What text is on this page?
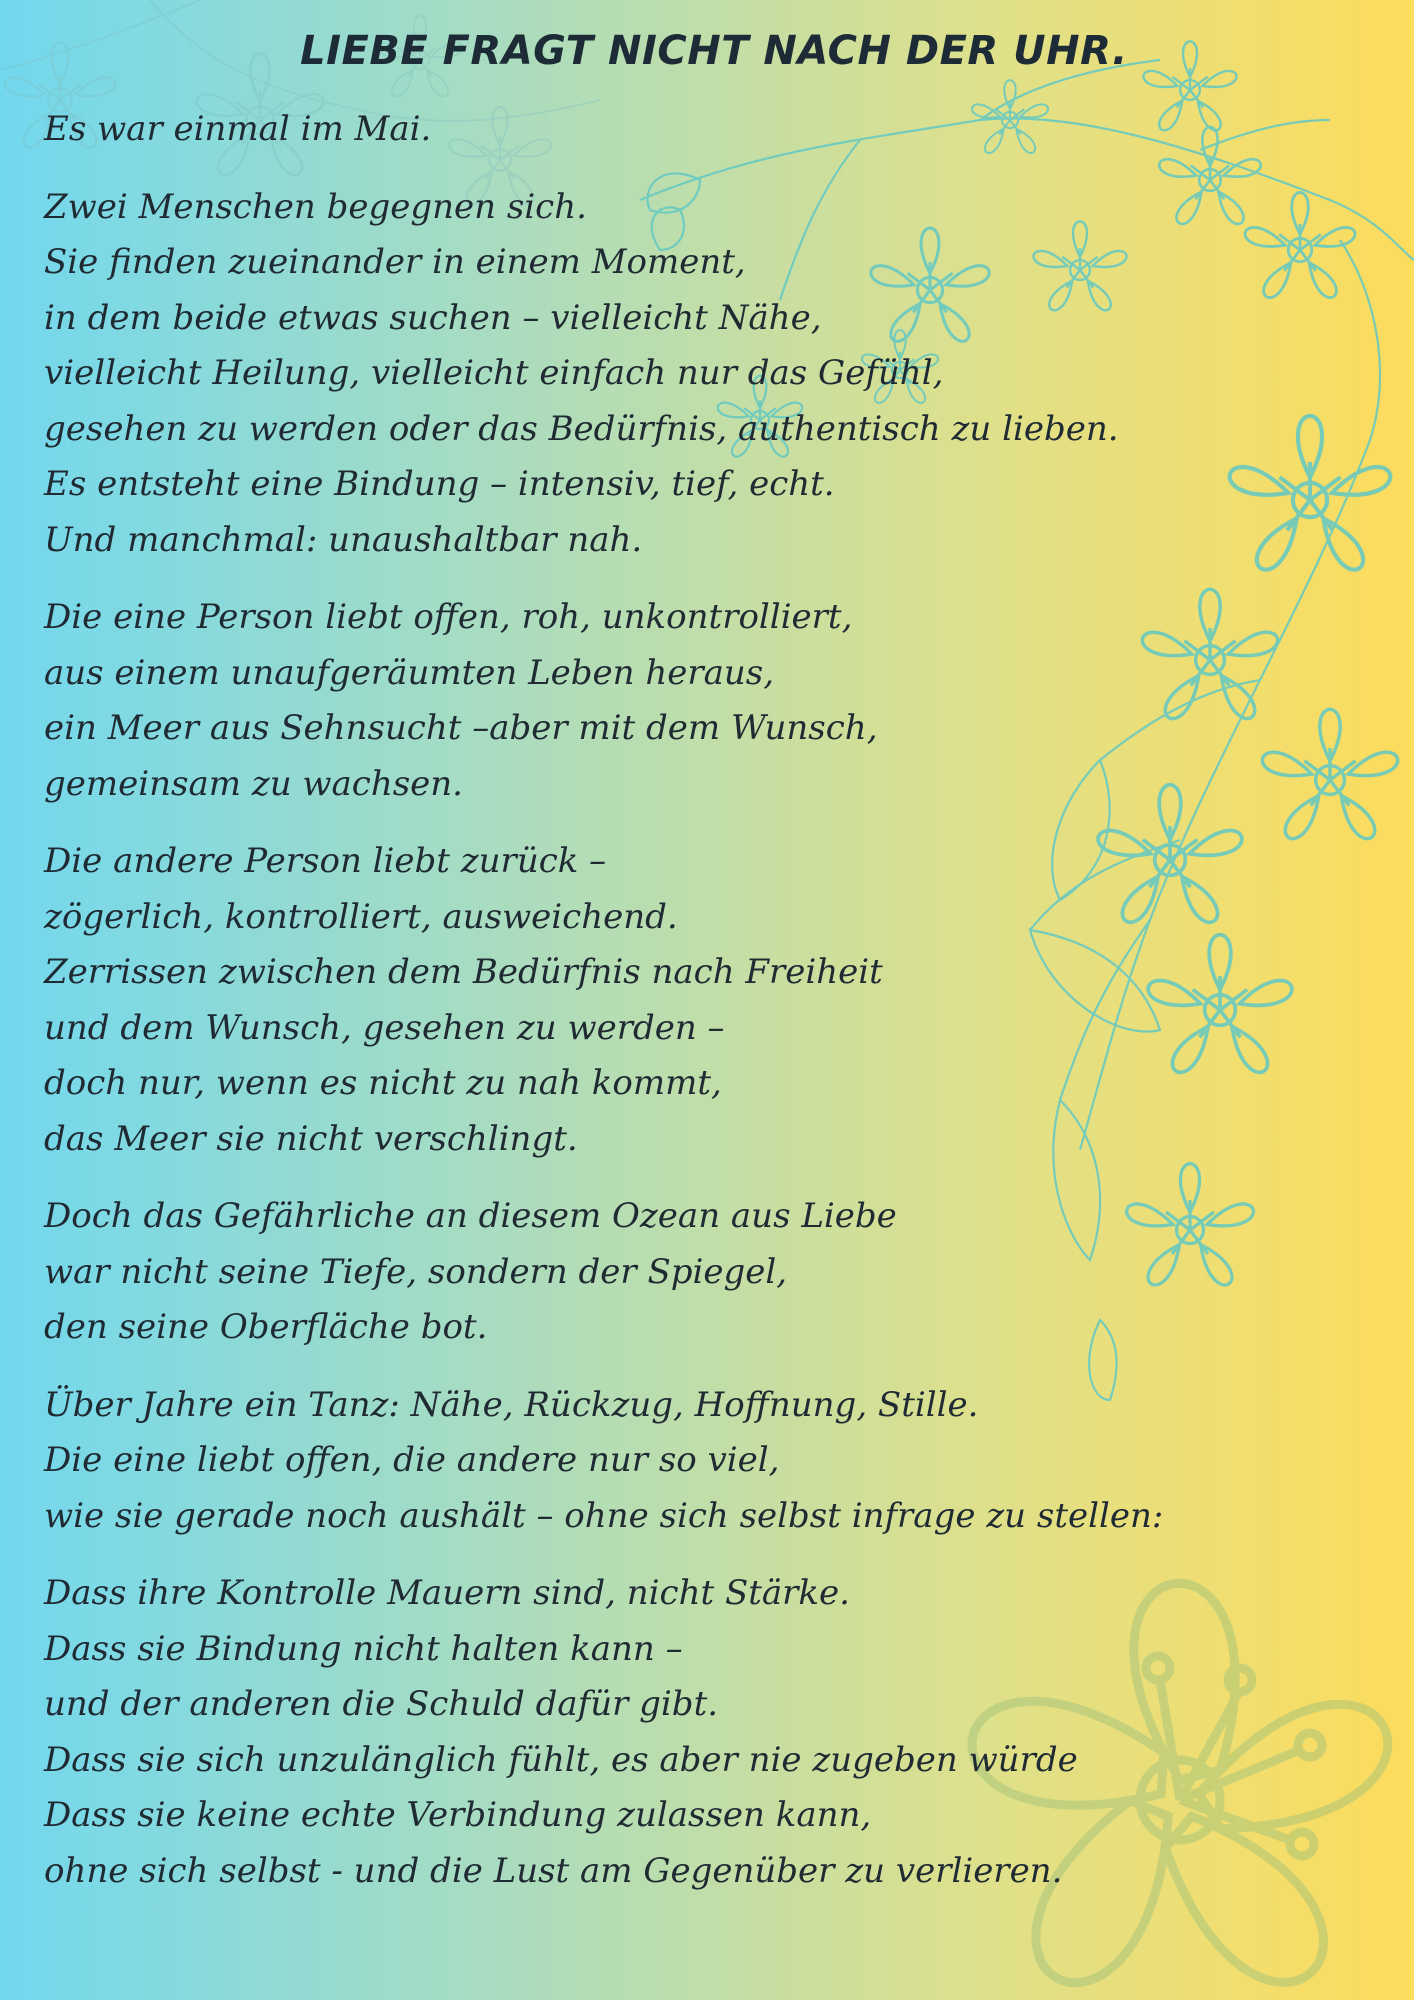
LIEBE FRAGT NICHT NACH DER UHR.
Es war einmal im Mai.
Zwei Menschen begegnen sich.
Sie finden zueinander in einem Moment,
in dem beide etwas suchen – vielleicht Nähe,
vielleicht Heilung, vielleicht einfach nur das Gefühl,
gesehen zu werden oder das Bedürfnis, authentisch zu lieben.
Es entsteht eine Bindung – intensiv, tief, echt.
Und manchmal: unaushaltbar nah.
Die eine Person liebt offen, roh, unkontrolliert,
aus einem unaufgeräumten Leben heraus,
ein Meer aus Sehnsucht –aber mit dem Wunsch,
gemeinsam zu wachsen.
Die andere Person liebt zurück –
zögerlich, kontrolliert, ausweichend.
Zerrissen zwischen dem Bedürfnis nach Freiheit
und dem Wunsch, gesehen zu werden –
doch nur, wenn es nicht zu nah kommt,
das Meer sie nicht verschlingt.
Doch das Gefährliche an diesem Ozean aus Liebe
war nicht seine Tiefe, sondern der Spiegel,
den seine Oberfläche bot.
Über Jahre ein Tanz: Nähe, Rückzug, Hoffnung, Stille.
Die eine liebt offen, die andere nur so viel,
wie sie gerade noch aushält – ohne sich selbst infrage zu stellen:
Dass ihre Kontrolle Mauern sind, nicht Stärke.
Dass sie Bindung nicht halten kann –
und der anderen die Schuld dafür gibt.
Dass sie sich unzulänglich fühlt, es aber nie zugeben würde
Dass sie keine echte Verbindung zulassen kann,
ohne sich selbst - und die Lust am Gegenüber zu verlieren.
